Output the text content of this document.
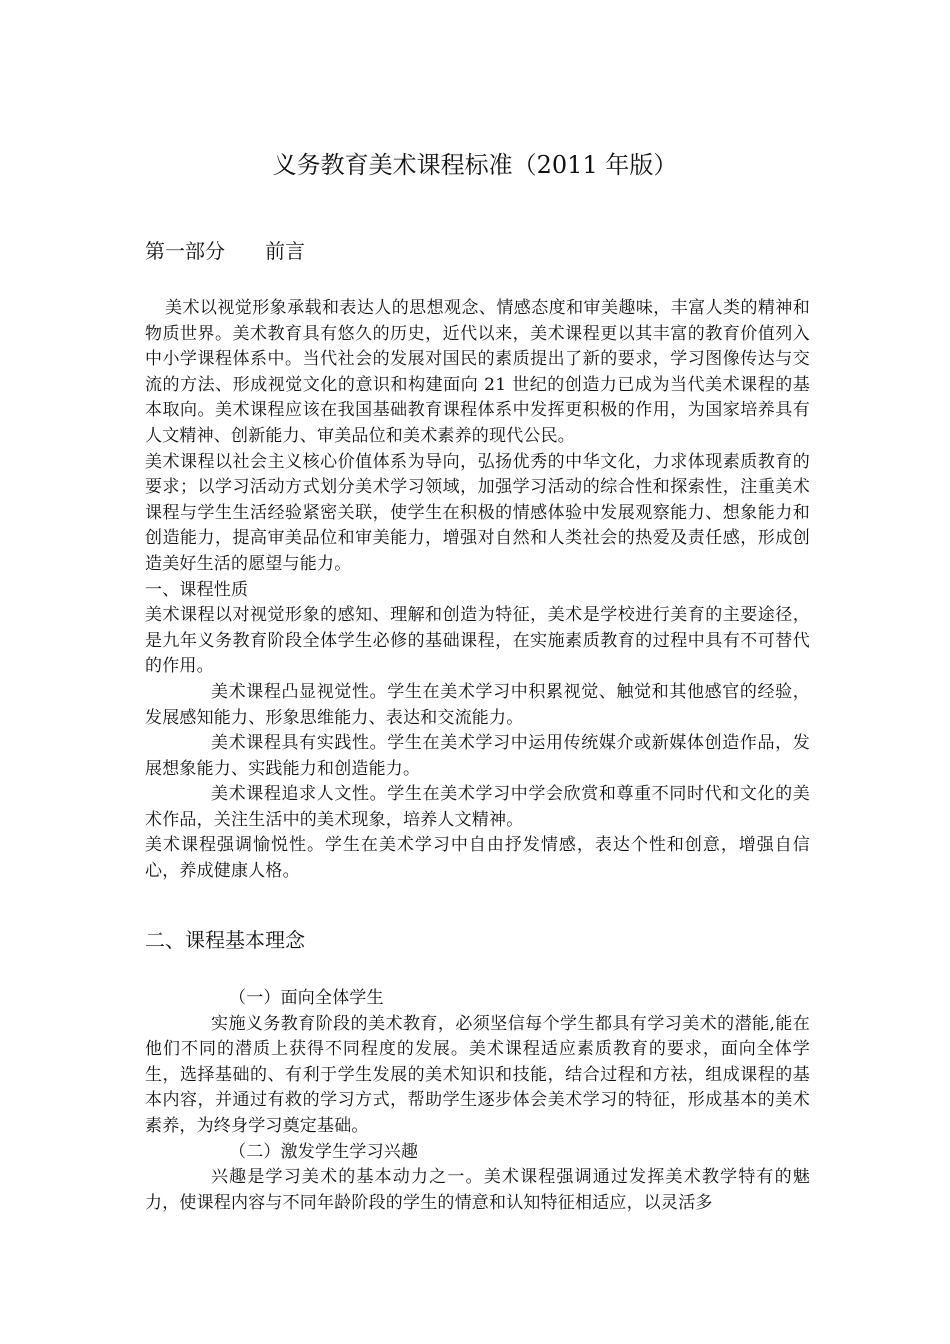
义务教育美术课程标准（2011 年版）
第一部分　　前言

美术以视觉形象承载和表达人的思想观念、情感态度和审美趣味，丰富人类的精神和物质世界。美术教育具有悠久的历史，近代以来，美术课程更以其丰富的教育价值列入中小学课程体系中。当代社会的发展对国民的素质提出了新的要求，学习图像传达与交流的方法、形成视觉文化的意识和构建面向 21 世纪的创造力已成为当代美术课程的基本取向。美术课程应该在我国基础教育课程体系中发挥更积极的作用，为国家培养具有人文精神、创新能力、审美品位和美术素养的现代公民。

美术课程以社会主义核心价值体系为导向，弘扬优秀的中华文化，力求体现素质教育的要求；以学习活动方式划分美术学习领域，加强学习活动的综合性和探索性，注重美术课程与学生生活经验紧密关联，使学生在积极的情感体验中发展观察能力、想象能力和创造能力，提高审美品位和审美能力，增强对自然和人类社会的热爱及责任感，形成创造美好生活的愿望与能力。

一、课程性质

美术课程以对视觉形象的感知、理解和创造为特征，美术是学校进行美育的主要途径，是九年义务教育阶段全体学生必修的基础课程，在实施素质教育的过程中具有不可替代的作用。

美术课程凸显视觉性。学生在美术学习中积累视觉、触觉和其他感官的经验，发展感知能力、形象思维能力、表达和交流能力。

美术课程具有实践性。学生在美术学习中运用传统媒介或新媒体创造作品，发展想象能力、实践能力和创造能力。

美术课程追求人文性。学生在美术学习中学会欣赏和尊重不同时代和文化的美术作品，关注生活中的美术现象，培养人文精神。

美术课程强调愉悦性。学生在美术学习中自由抒发情感，表达个性和创意，增强自信心，养成健康人格。

二、课程基本理念

（一）面向全体学生

实施义务教育阶段的美术教育，必须坚信每个学生都具有学习美术的潜能,能在他们不同的潜质上获得不同程度的发展。美术课程适应素质教育的要求，面向全体学生，选择基础的、有利于学生发展的美术知识和技能，结合过程和方祛，组成课程的基本内容，并通过有救的学习方式，帮助学生逐步体会美术学习的特征，形成基本的美术素养，为终身学习奠定基础。

（二）激发学生学习兴趣

兴趣是学习美术的基本动力之一。美术课程强调通过发挥美术教学特有的魅力，使课程内容与不同年龄阶段的学生的情意和认知特征相适应，以灵活多
